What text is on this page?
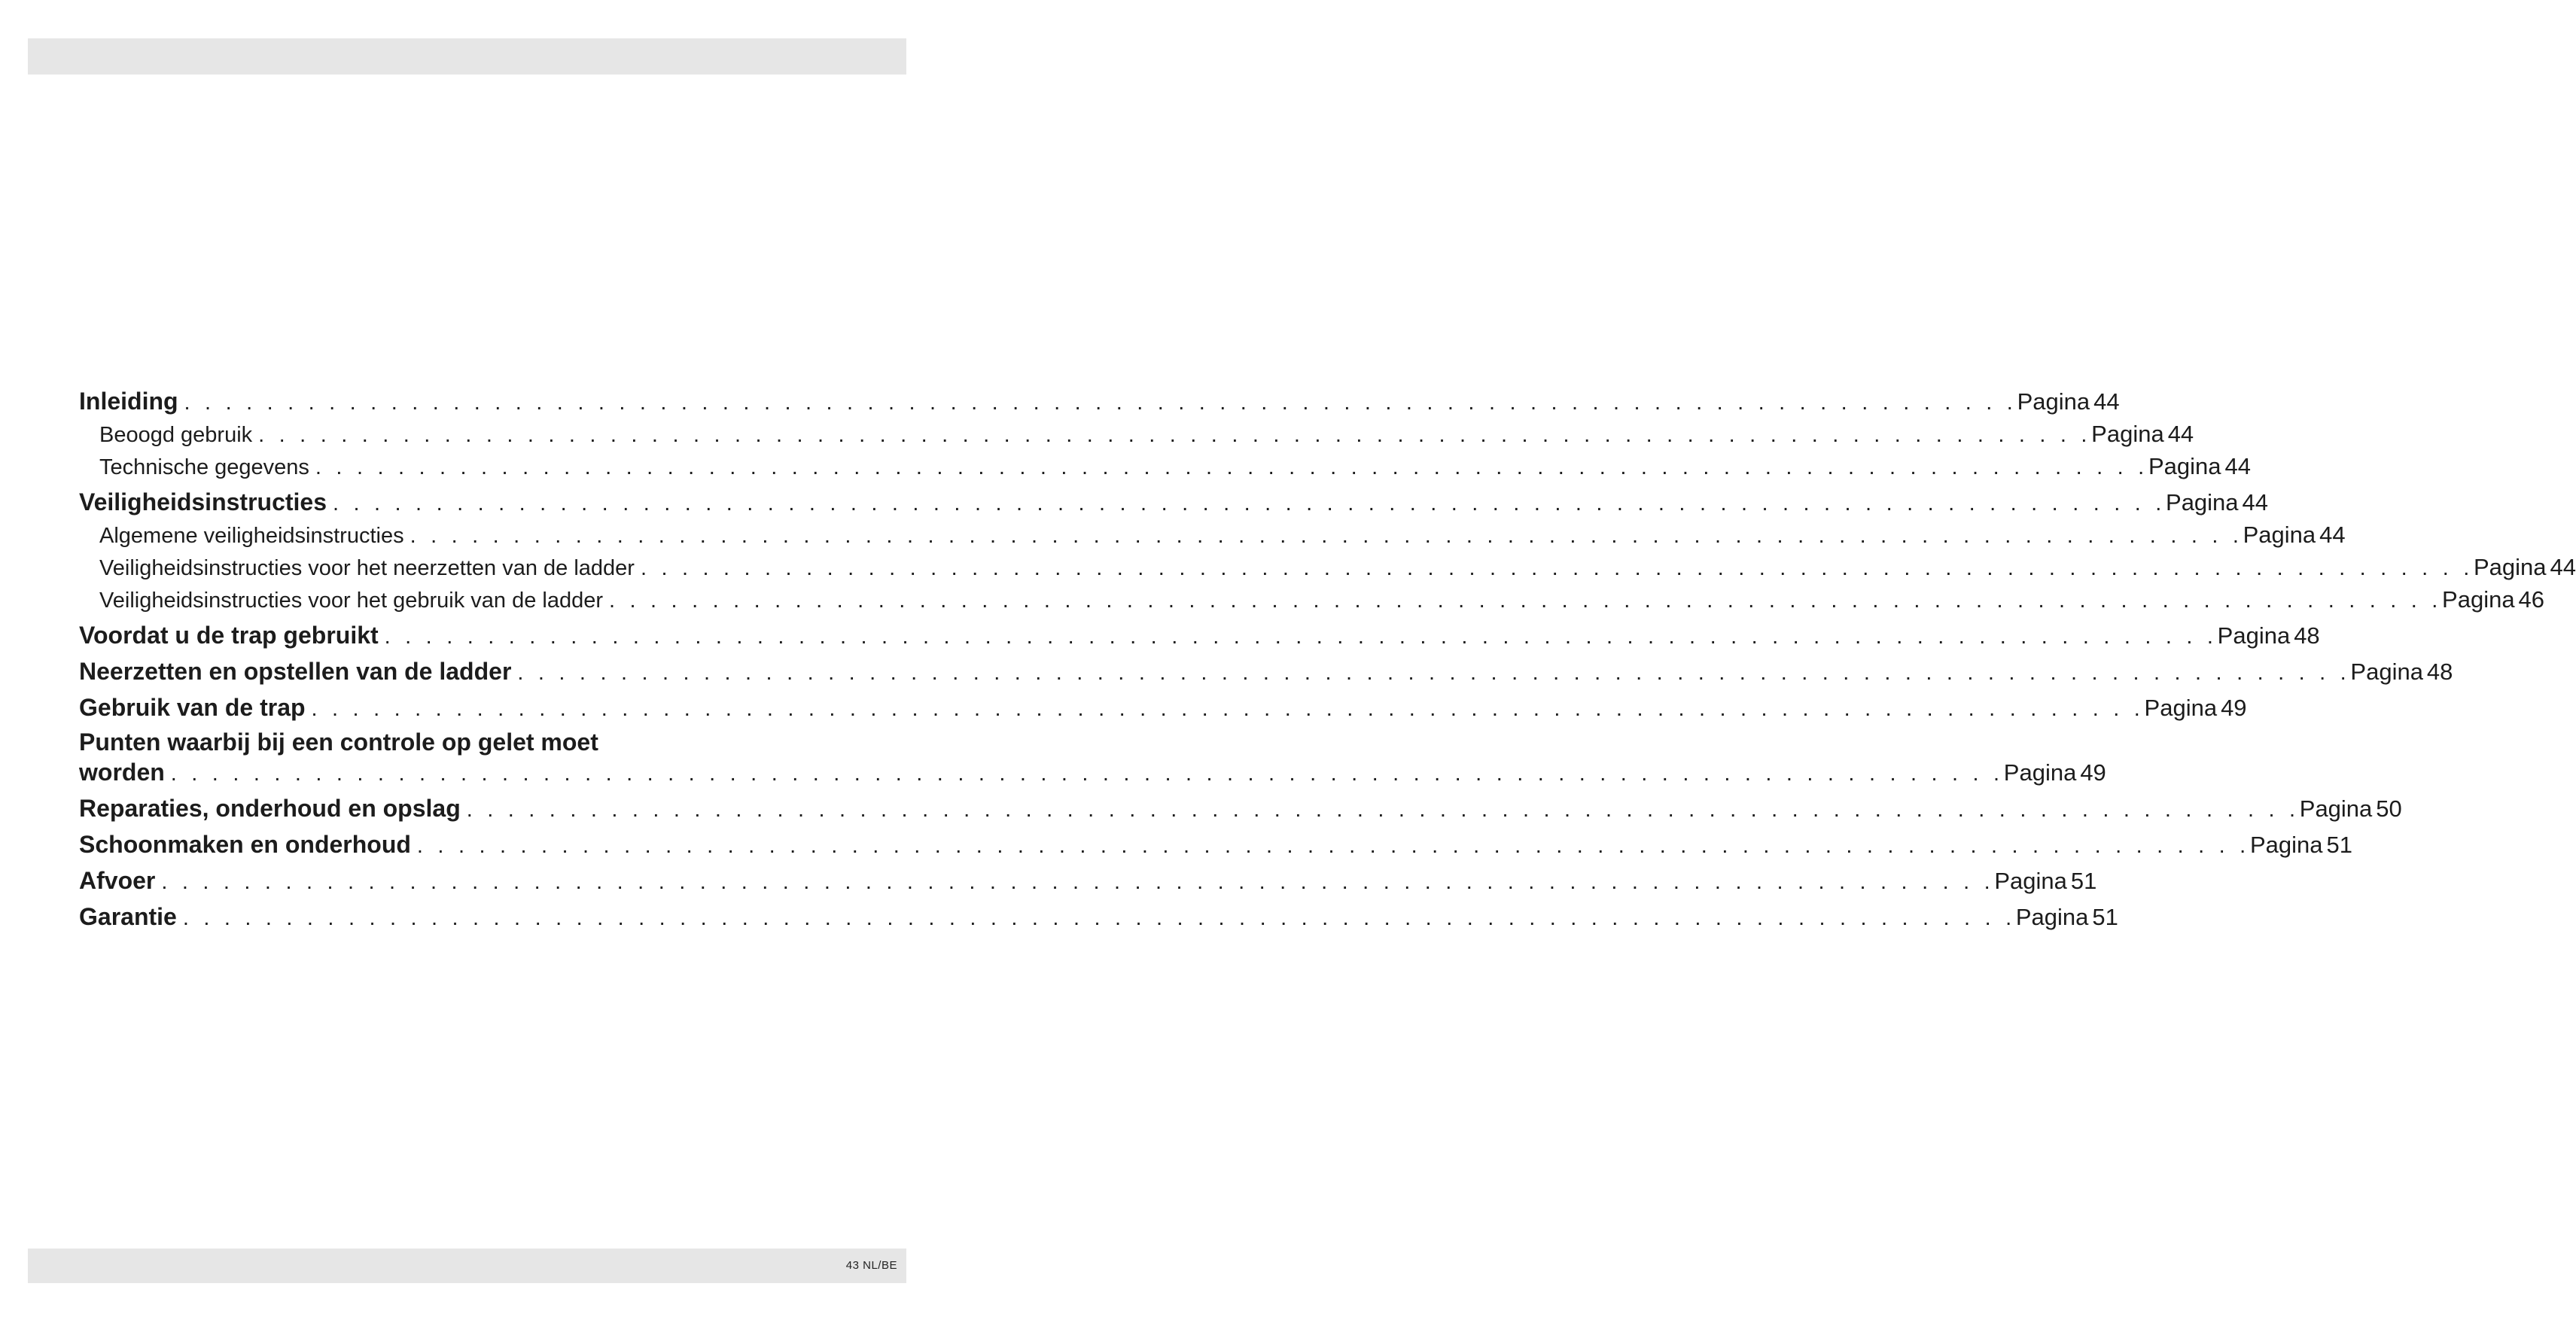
Inleiding . . . . . . . . . . . . . . . . . . . . . . . . . . . . . . . . . . . . . . . . . . . . . . . . . . . . . . . . . . . . . . . . . . . . . . . . . . . . . . . . . . . . . . . . . Pagina 44
Beoogd gebruik . . . . . . . . . . . . . . . . . . . . . . . . . . . . . . . . . . . . . . . . . . . . . . . . . . . . . . . . . . . . . . . . . . . . . . . . . . . . . . . . . . . . . . . . . Pagina 44
Technische gegevens . . . . . . . . . . . . . . . . . . . . . . . . . . . . . . . . . . . . . . . . . . . . . . . . . . . . . . . . . . . . . . . . . . . . . . . . . . . . . . . . . . . . . . . . . Pagina 44
Veiligheidsinstructies . . . . . . . . . . . . . . . . . . . . . . . . . . . . . . . . . . . . . . . . . . . . . . . . . . . . . . . . . . . . . . . . . . . . . . . . . . . . . . . . . . . . . . . . . Pagina 44
Algemene veiligheidsinstructies . . . . . . . . . . . . . . . . . . . . . . . . . . . . . . . . . . . . . . . . . . . . . . . . . . . . . . . . . . . . . . . . . . . . . . . . . . . . . . . . . . . . . . . . . Pagina 44
Veiligheidsinstructies voor het neerzetten van de ladder . . . . . . . . . . . . . . . . . . . . . . . . . . . . . . . . . . . . . . . . . . . . . . . . . . . . . . . . . . . . . . . . . . . . . . . . . . . . . . . . . . . . . . . . . Pagina 44
Veiligheidsinstructies voor het gebruik van de ladder . . . . . . . . . . . . . . . . . . . . . . . . . . . . . . . . . . . . . . . . . . . . . . . . . . . . . . . . . . . . . . . . . . . . . . . . . . . . . . . . . . . . . . . . . Pagina 46
Voordat u de trap gebruikt . . . . . . . . . . . . . . . . . . . . . . . . . . . . . . . . . . . . . . . . . . . . . . . . . . . . . . . . . . . . . . . . . . . . . . . . . . . . . . . . . . . . . . . . . Pagina 48
Neerzetten en opstellen van de ladder . . . . . . . . . . . . . . . . . . . . . . . . . . . . . . . . . . . . . . . . . . . . . . . . . . . . . . . . . . . . . . . . . . . . . . . . . . . . . . . . . . . . . . . . . Pagina 48
Gebruik van de trap . . . . . . . . . . . . . . . . . . . . . . . . . . . . . . . . . . . . . . . . . . . . . . . . . . . . . . . . . . . . . . . . . . . . . . . . . . . . . . . . . . . . . . . . . Pagina 49
Punten waarbij bij een controle op gelet moet
worden . . . . . . . . . . . . . . . . . . . . . . . . . . . . . . . . . . . . . . . . . . . . . . . . . . . . . . . . . . . . . . . . . . . . . . . . . . . . . . . . . . . . . . . . . Pagina 49
Reparaties, onderhoud en opslag . . . . . . . . . . . . . . . . . . . . . . . . . . . . . . . . . . . . . . . . . . . . . . . . . . . . . . . . . . . . . . . . . . . . . . . . . . . . . . . . . . . . . . . . . Pagina 50
Schoonmaken en onderhoud . . . . . . . . . . . . . . . . . . . . . . . . . . . . . . . . . . . . . . . . . . . . . . . . . . . . . . . . . . . . . . . . . . . . . . . . . . . . . . . . . . . . . . . . . Pagina 51
Afvoer . . . . . . . . . . . . . . . . . . . . . . . . . . . . . . . . . . . . . . . . . . . . . . . . . . . . . . . . . . . . . . . . . . . . . . . . . . . . . . . . . . . . . . . . . Pagina 51
Garantie . . . . . . . . . . . . . . . . . . . . . . . . . . . . . . . . . . . . . . . . . . . . . . . . . . . . . . . . . . . . . . . . . . . . . . . . . . . . . . . . . . . . . . . . . Pagina 51
43 NL/BE
